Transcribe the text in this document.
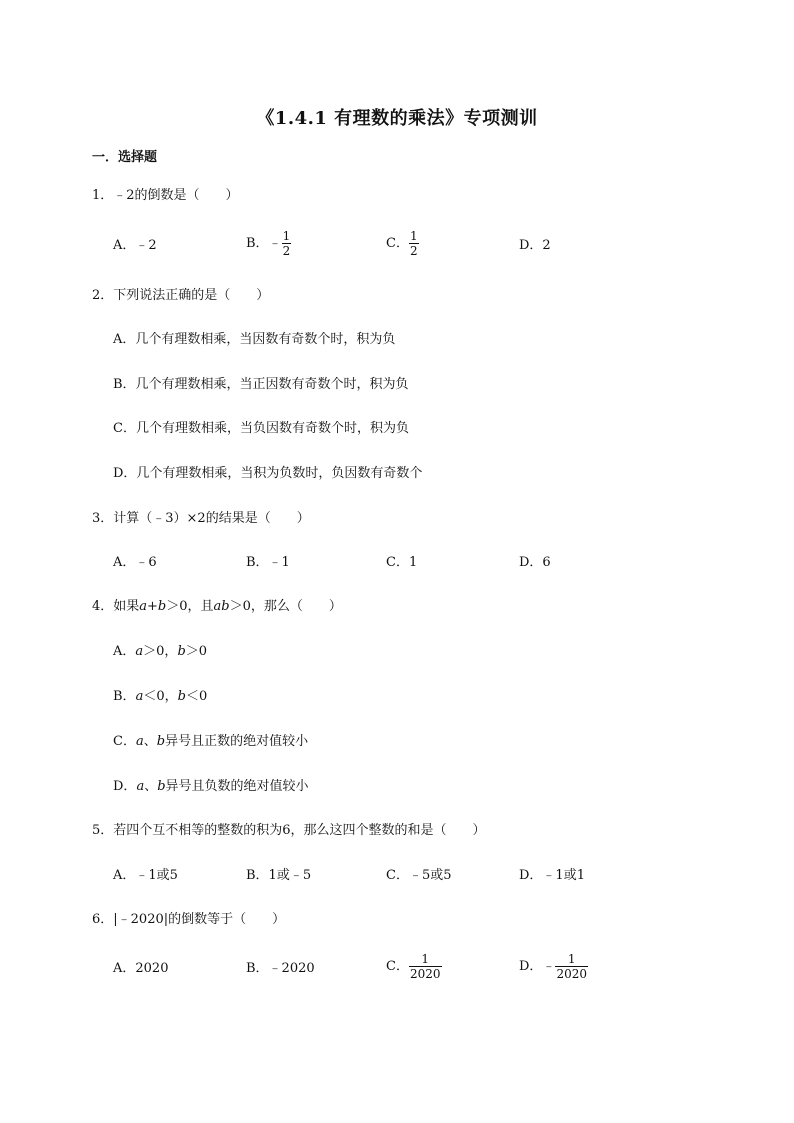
《1.4.1 有理数的乘法》专项测训
一．选择题
1．﹣2的倒数是（　　）
A．﹣2	B．﹣ $\frac{1}{2}$	C． $\frac{1}{2}$	D．2
2．下列说法正确的是（　　）
A．几个有理数相乘，当因数有奇数个时，积为负
B．几个有理数相乘，当正因数有奇数个时，积为负
C．几个有理数相乘，当负因数有奇数个时，积为负
D．几个有理数相乘，当积为负数时，负因数有奇数个
3．计算（﹣3）×2的结果是（　　）
A．﹣6	B．﹣1	C．1	D．6
4．如果a+b＞0，且ab＞0，那么（　　）
A．a＞0，b＞0
B．a＜0，b＜0
C．a、b异号且正数的绝对值较小
D．a、b异号且负数的绝对值较小
5．若四个互不相等的整数的积为6，那么这四个整数的和是（　　）
A．﹣1或5	B．1或﹣5	C．﹣5或5	D．﹣1或1
6．|﹣2020|的倒数等于（　　）
A．2020	B．﹣2020	C． $\frac{1}{2020}$	D．﹣ $\frac{1}{2020}$
